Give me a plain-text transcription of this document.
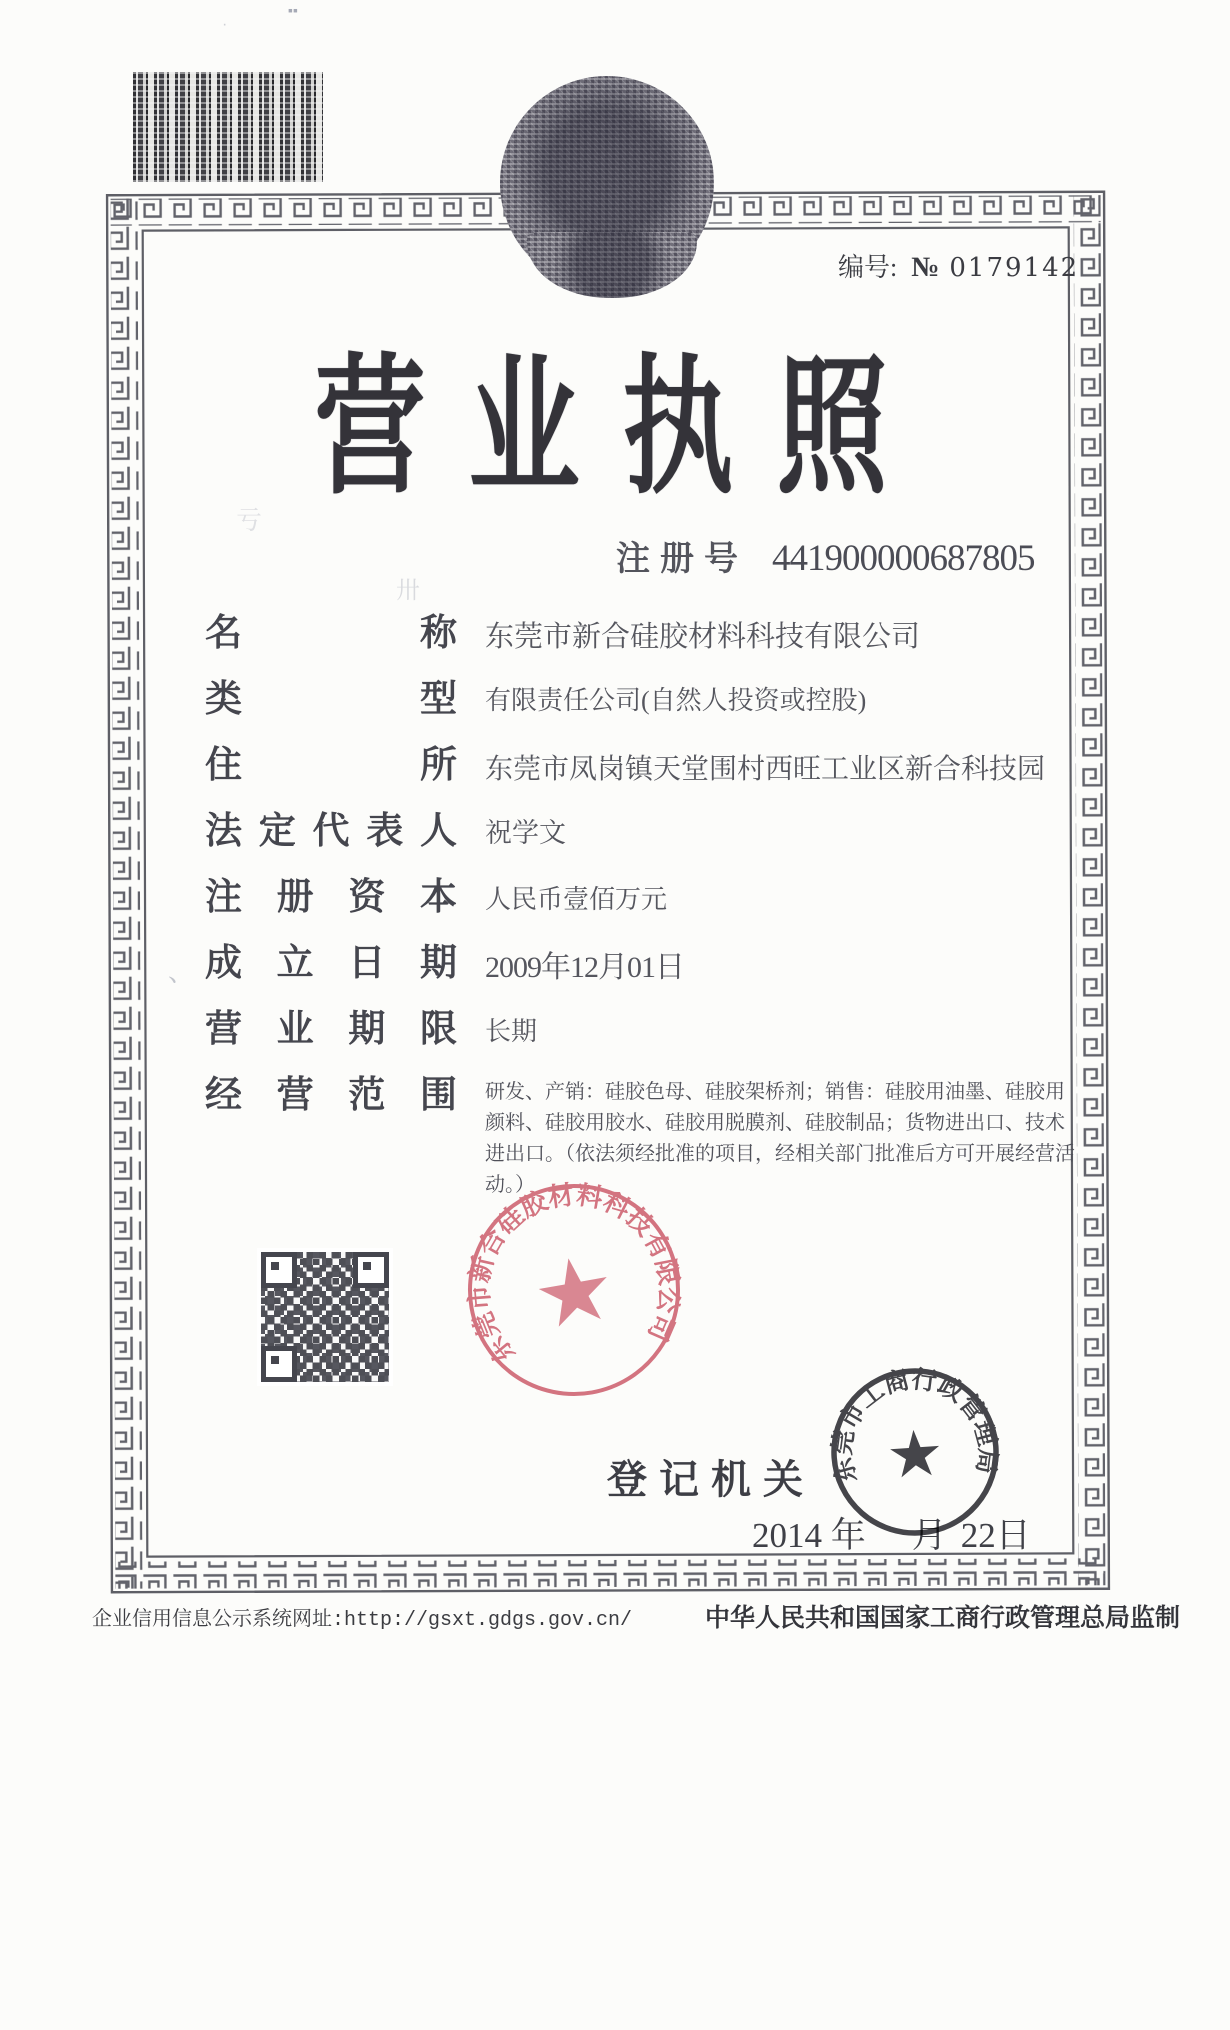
▪▪
·
亏
卅
、
编号: № 0179142
营 业 执 照
注 册 号 441900000687805
名	称 东莞市新合硅胶材料科技有限公司
类	型 有限责任公司(自然人投资或控股)
住	所 东莞市凤岗镇天堂围村西旺工业区新合科技园
法 定 代 表 人 祝学文
注 册 资 本 人民币壹佰万元
成 立 日 期 2009年12月01日
营 业 期 限 长期
经 营 范 围 研发、产销：硅胶色母、硅胶架桥剂；销售：硅胶用油墨、硅胶用颜料、硅胶用胶水、硅胶用脱膜剂、硅胶制品；货物进出口、技术进出口。（依法须经批准的项目，经相关部门批准后方可开展经营活动。）
东莞市新合硅胶材料科技有限公司
★
登 记 机 关
2014 年 月 22日
东莞市工商行政管理局
★
企业信用信息公示系统网址:http://gsxt.gdgs.gov.cn/	中华人民共和国国家工商行政管理总局监制
